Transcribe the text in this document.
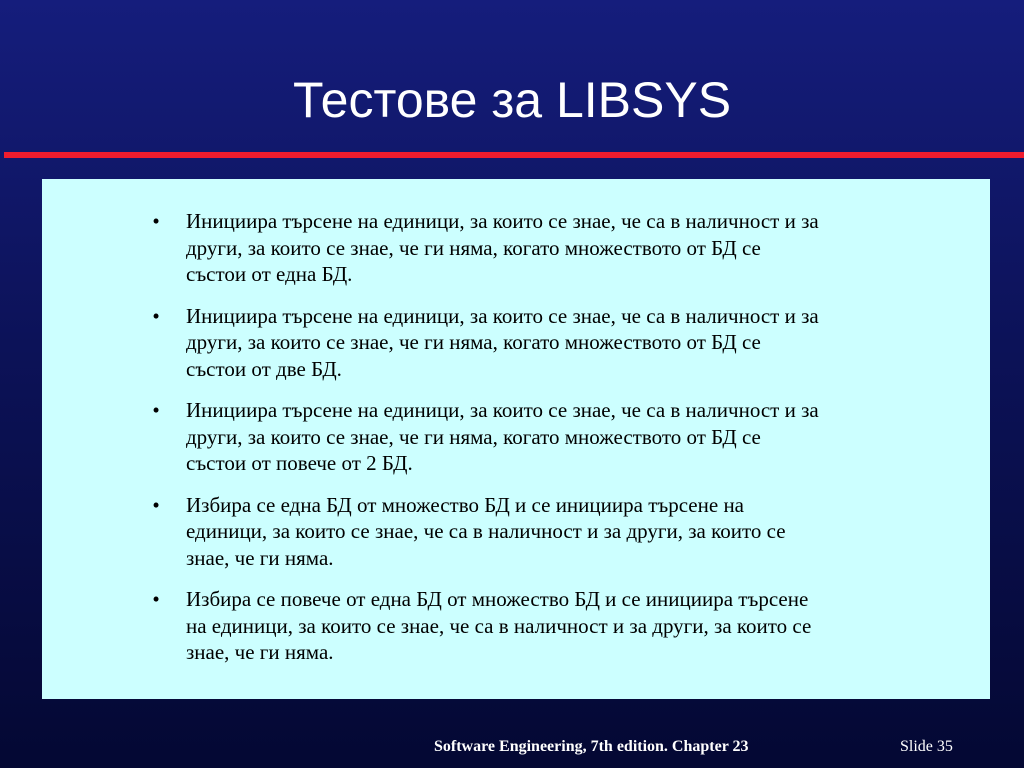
Тестове за LIBSYS
•	Инициира търсене на единици, за които се знае, че са в наличност и за други, за които се знае, че ги няма, когато множеството от БД се състои от една БД.
•	Инициира търсене на единици, за които се знае, че са в наличност и за други, за които се знае, че ги няма, когато множеството от БД се състои от две БД.
•	Инициира търсене на единици, за които се знае, че са в наличност и за други, за които се знае, че ги няма, когато множеството от БД се състои от повече от 2 БД.
•	Избира се една БД от множество БД и се инициира търсене на единици, за които се знае, че са в наличност и за други, за които се знае, че ги няма.
•	Избира се повече от една БД от множество БД и се инициира търсене на единици, за които се знае, че са в наличност и за други, за които се знае, че ги няма.
Software Engineering, 7th edition. Chapter 23	Slide 35
